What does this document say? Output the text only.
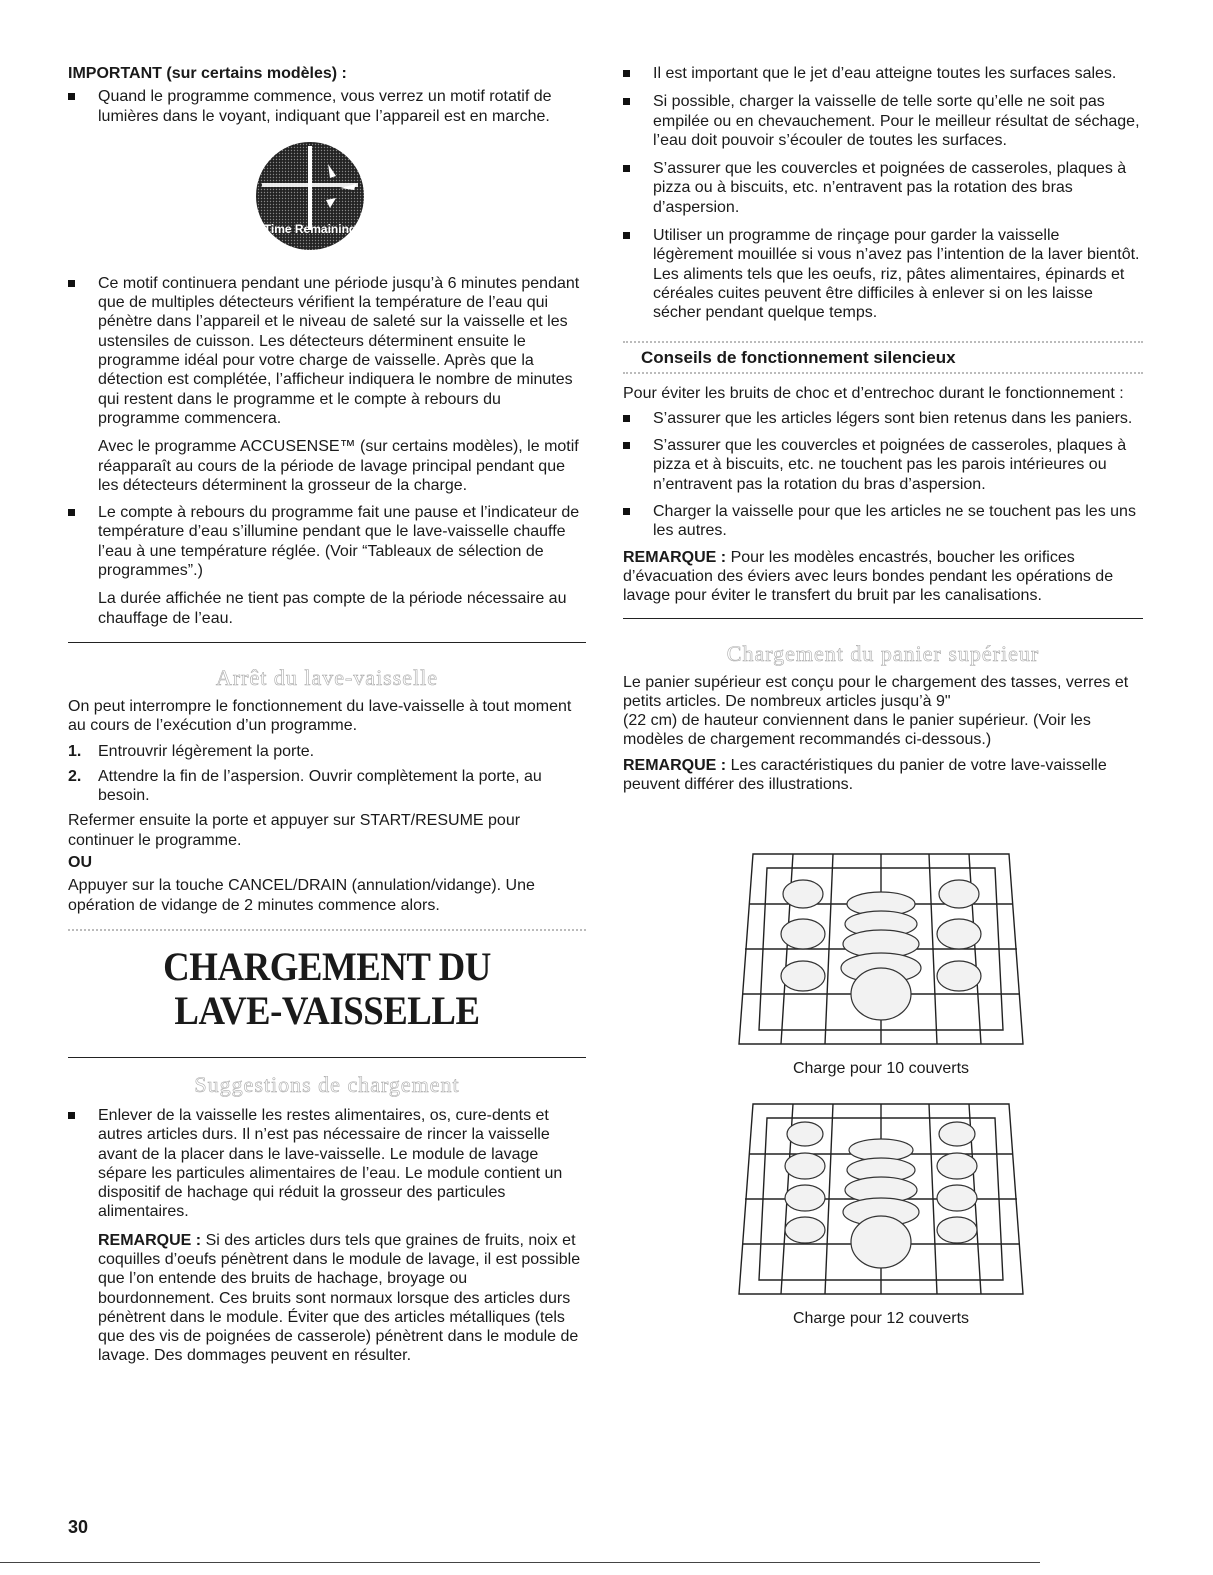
IMPORTANT (sur certains modèles) :

Quand le programme commence, vous verrez un motif rotatif de lumières dans le voyant, indiquant que l’appareil est en marche.
Time Remaining
Ce motif continuera pendant une période jusqu’à 6 minutes pendant que de multiples détecteurs vérifient la température de l’eau qui pénètre dans l’appareil et le niveau de saleté sur la vaisselle et les ustensiles de cuisson. Les détecteurs déterminent ensuite le programme idéal pour votre charge de vaisselle. Après que la détection est complétée, l’afficheur indiquera le nombre de minutes qui restent dans le programme et le compte à rebours du programme commencera.

Avec le programme ACCUSENSE™ (sur certains modèles), le motif réapparaît au cours de la période de lavage principal pendant que les détecteurs déterminent la grosseur de la charge.

Le compte à rebours du programme fait une pause et l’indicateur de température d’eau s’illumine pendant que le lave-vaisselle chauffe l’eau à une température réglée. (Voir “Tableaux de sélection de programmes”.)

La durée affichée ne tient pas compte de la période nécessaire au chauffage de l’eau.

Arrêt du lave-vaisselle

On peut interrompre le fonctionnement du lave-vaisselle à tout moment au cours de l’exécution d’un programme.

1. Entrouvrir légèrement la porte.
2. Attendre la fin de l’aspersion. Ouvrir complètement la porte, au besoin.

Refermer ensuite la porte et appuyer sur START/RESUME pour continuer le programme.

OU

Appuyer sur la touche CANCEL/DRAIN (annulation/vidange). Une opération de vidange de 2 minutes commence alors.

CHARGEMENT DU
LAVE-VAISSELLE
Suggestions de chargement
Enlever de la vaisselle les restes alimentaires, os, cure-dents et autres articles durs. Il n’est pas nécessaire de rincer la vaisselle avant de la placer dans le lave-vaisselle. Le module de lavage sépare les particules alimentaires de l’eau. Le module contient un dispositif de hachage qui réduit la grosseur des particules alimentaires.

REMARQUE : Si des articles durs tels que graines de fruits, noix et coquilles d’oeufs pénètrent dans le module de lavage, il est possible que l’on entende des bruits de hachage, broyage ou bourdonnement. Ces bruits sont normaux lorsque des articles durs pénètrent dans le module. Éviter que des articles métalliques (tels que des vis de poignées de casserole) pénètrent dans le module de lavage. Des dommages peuvent en résulter.

Il est important que le jet d’eau atteigne toutes les surfaces sales.
Si possible, charger la vaisselle de telle sorte qu’elle ne soit pas empilée ou en chevauchement. Pour le meilleur résultat de séchage, l’eau doit pouvoir s’écouler de toutes les surfaces.
S’assurer que les couvercles et poignées de casseroles, plaques à pizza ou à biscuits, etc. n’entravent pas la rotation des bras d’aspersion.
Utiliser un programme de rinçage pour garder la vaisselle légèrement mouillée si vous n’avez pas l’intention de la laver bientôt. Les aliments tels que les oeufs, riz, pâtes alimentaires, épinards et céréales cuites peuvent être difficiles à enlever si on les laisse sécher pendant quelque temps.
Conseils de fonctionnement silencieux

Pour éviter les bruits de choc et d’entrechoc durant le fonctionnement :

S’assurer que les articles légers sont bien retenus dans les paniers.
S’assurer que les couvercles et poignées de casseroles, plaques à pizza et à biscuits, etc. ne touchent pas les parois intérieures ou n’entravent pas la rotation du bras d’aspersion.
Charger la vaisselle pour que les articles ne se touchent pas les uns les autres.

REMARQUE : Pour les modèles encastrés, boucher les orifices d’évacuation des éviers avec leurs bondes pendant les opérations de lavage pour éviter le transfert du bruit par les canalisations.

Chargement du panier supérieur

Le panier supérieur est conçu pour le chargement des tasses, verres et petits articles. De nombreux articles jusqu’à 9"
(22 cm) de hauteur conviennent dans le panier supérieur. (Voir les modèles de chargement recommandés ci-dessous.)

REMARQUE : Les caractéristiques du panier de votre lave-vaisselle peuvent différer des illustrations.

Charge pour 10 couverts
Charge pour 12 couverts
30
